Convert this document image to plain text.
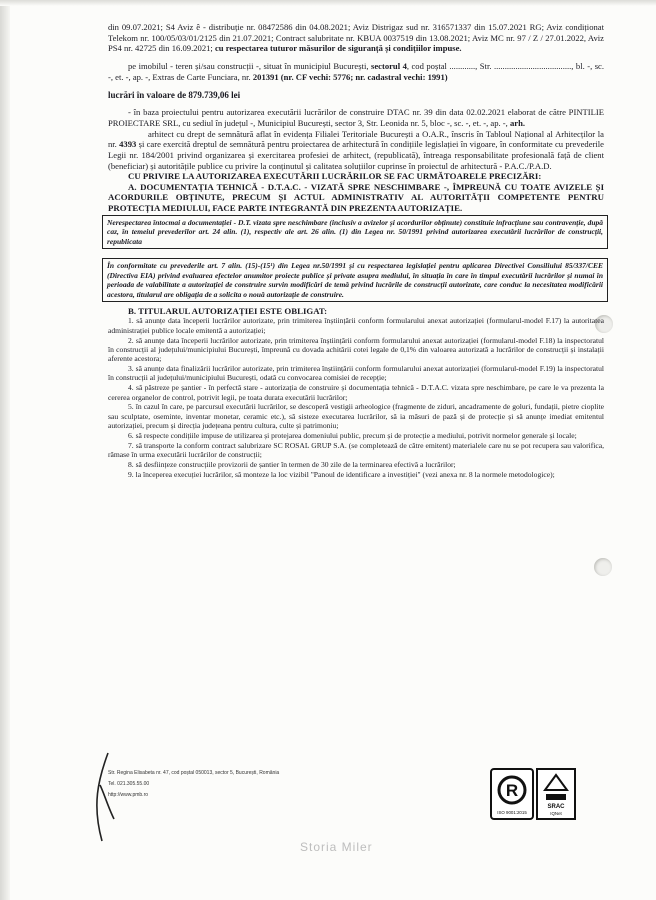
din 09.07.2021; S4 Aviz ê - distribuție nr. 08472586 din 04.08.2021; Aviz Distrigaz sud nr. 316571337 din 15.07.2021 RG; Aviz condiționat Telekom nr. 100/05/03/01/2125 din 21.07.2021; Contract salubritate nr. KBUA 0037519 din 13.08.2021; Aviz MC nr. 97 / Z / 27.01.2022, Aviz PS4 nr. 42725 din 16.09.2021; cu respectarea tuturor măsurilor de siguranță și condițiilor impuse.

pe imobilul - teren și/sau construcții -, situat în municipiul București, sectorul 4, cod poștal ............, Str. ...................................., bl. -, sc. -, et. -, ap. -, Extras de Carte Funciara, nr. 201391 (nr. CF vechi: 5776; nr. cadastral vechi: 1991)

lucrări în valoare de 879.739,06 lei

- în baza proiectului pentru autorizarea executării lucrărilor de construire DTAC nr. 39 din data 02.02.2021 elaborat de către PINTILIE PROIECTARE SRL, cu sediul în județul -, Municipiul București, sector 3, Str. Leonida nr. 5, bloc -, sc. -, et. -, ap. -, arh.
arhitect cu drept de semnătură aflat în evidența Filialei Teritoriale București a O.A.R., înscris în Tabloul Național al Arhitecților la nr. 4393 și care exercită dreptul de semnătură pentru proiectarea de arhitectură în condițiile legislației în vigoare, în conformitate cu prevederile Legii nr. 184/2001 privind organizarea și exercitarea profesiei de arhitect, (republicată), întreaga responsabilitate profesională față de client (beneficiar) și autoritățile publice cu privire la conținutul și calitatea soluțiilor cuprinse în proiectul de arhitectură - P.A.C./P.A.D.

CU PRIVIRE LA AUTORIZAREA EXECUTĂRII LUCRĂRILOR SE FAC URMĂTOARELE PRECIZĂRI:

A. DOCUMENTAȚIA TEHNICĂ - D.T.A.C. - VIZATĂ SPRE NESCHIMBARE -, ÎMPREUNĂ CU TOATE AVIZELE ȘI ACORDURILE OBȚINUTE, PRECUM ȘI ACTUL ADMINISTRATIV AL AUTORITĂȚII COMPETENTE PENTRU PROTECȚIA MEDIULUI, FACE PARTE INTEGRANTĂ DIN PREZENTA AUTORIZAȚIE.

Nerespectarea întocmai a documentației - D.T. vizata spre neschimbare (inclusiv a avizelor și acordurilor obținute) constituie infracțiune sau contravenție, după caz, în temeiul prevederilor art. 24 alin. (1), respectiv ale art. 26 alin. (1) din Legea nr. 50/1991 privind autorizarea executării lucrărilor de construcții, republicata
În conformitate cu prevederile art. 7 alin. (15)-(15¹) din Legea nr.50/1991 și cu respectarea legislației pentru aplicarea Directivei Consiliului 85/337/CEE (Directiva EIA) privind evaluarea efectelor anumitor proiecte publice și private asupra mediului, în situația în care în timpul executării lucrărilor și numai în perioada de valabilitate a autorizației de construire survin modificări de temă privind lucrările de construcții autorizate, care conduc la necesitatea modificării acestora, titularul are obligația de a solicita o nouă autorizație de construire.

B. TITULARUL AUTORIZAȚIEI ESTE OBLIGAT:

1. să anunțe data începerii lucrărilor autorizate, prin trimiterea înștiințării conform formularului anexat autorizației (formularul-model F.17) la autoritatea administrației publice locale emitentă a autorizației;

2. să anunțe data începerii lucrărilor autorizate, prin trimiterea înștiințării conform formularului anexat autorizației (formularul-model F.18) la inspectoratul în construcții al județului/municipiului București, împreună cu dovada achitării cotei legale de 0,1% din valoarea autorizată a lucrărilor de construcții și instalații aferente acestora;

3. să anunțe data finalizării lucrărilor autorizate, prin trimiterea înștiințării conform formularului anexat autorizației (formularul-model F.19) la inspectoratul în construcții al județului/municipiului București, odată cu convocarea comisiei de recepție;

4. să păstreze pe șantier - în perfectă stare - autorizația de construire și documentația tehnică - D.T.A.C. vizata spre neschimbare, pe care le va prezenta la cererea organelor de control, potrivit legii, pe toata durata executării lucrărilor;

5. în cazul în care, pe parcursul executării lucrărilor, se descoperă vestigii arheologice (fragmente de ziduri, ancadramente de goluri, fundații, pietre cioplite sau sculptate, oseminte, inventar monetar, ceramic etc.), să sisteze executarea lucrărilor, să ia măsuri de pază și de protecție și să anunțe imediat emitentul autorizației, precum și direcția județeana pentru cultura, culte și patrimoniu;

6. să respecte condițiile impuse de utilizarea și protejarea domeniului public, precum și de protecție a mediului, potrivit normelor generale și locale;

7. să transporte la conform contract salubrizare SC ROSAL GRUP S.A. (se completează de către emitent) materialele care nu se pot recupera sau valorifica, rămase în urma executării lucrărilor de construcții;

8. să desființeze construcțiile provizorii de șantier în termen de 30 zile de la terminarea efectivă a lucrărilor;

9. la începerea execuției lucrărilor, să monteze la loc vizibil "Panoul de identificare a investiției" (vezi anexa nr. 8 la normele metodologice);

Str. Regina Elisabeta nr. 47, cod poștal 050013, sector 5, București, România
Tel. 021.305.55.00
http://www.pmb.ro	R
ISO 9001:2015
SRAC
IQNet
Storia Miler
